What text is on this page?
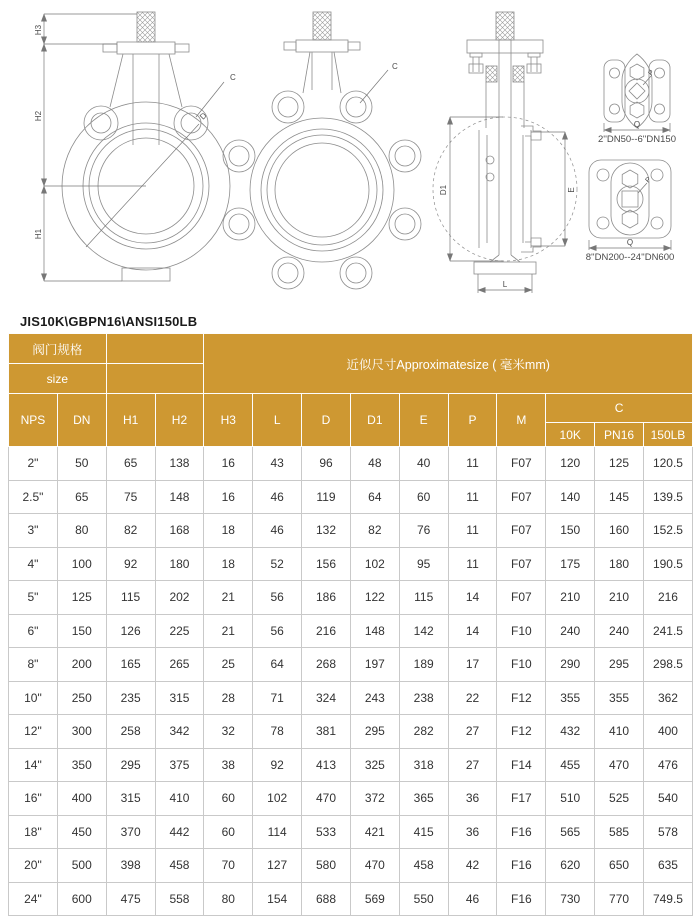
H3
H2
H1
C
D
C
D1	E
L
P
Q
2''DN50--6''DN150
P
Q
8''DN200--24''DN600
JIS10K\GBPN16\ANSI150LB
阀门规格				近似尺寸Approximatesize ( 毫米mm)									
size													
NPS	DN	H1	H2	H3	L	D	D1	E	P	M	C		
											10K	PN16	150LB
2"	50	65	138	16	43	96	48	40	11	F07	120	125	120.5
2.5"	65	75	148	16	46	119	64	60	11	F07	140	145	139.5
3"	80	82	168	18	46	132	82	76	11	F07	150	160	152.5
4"	100	92	180	18	52	156	102	95	11	F07	175	180	190.5
5"	125	115	202	21	56	186	122	115	14	F07	210	210	216
6"	150	126	225	21	56	216	148	142	14	F10	240	240	241.5
8"	200	165	265	25	64	268	197	189	17	F10	290	295	298.5
10"	250	235	315	28	71	324	243	238	22	F12	355	355	362
12"	300	258	342	32	78	381	295	282	27	F12	432	410	400
14"	350	295	375	38	92	413	325	318	27	F14	455	470	476
16"	400	315	410	60	102	470	372	365	36	F17	510	525	540
18"	450	370	442	60	114	533	421	415	36	F16	565	585	578
20"	500	398	458	70	127	580	470	458	42	F16	620	650	635
24"	600	475	558	80	154	688	569	550	46	F16	730	770	749.5
